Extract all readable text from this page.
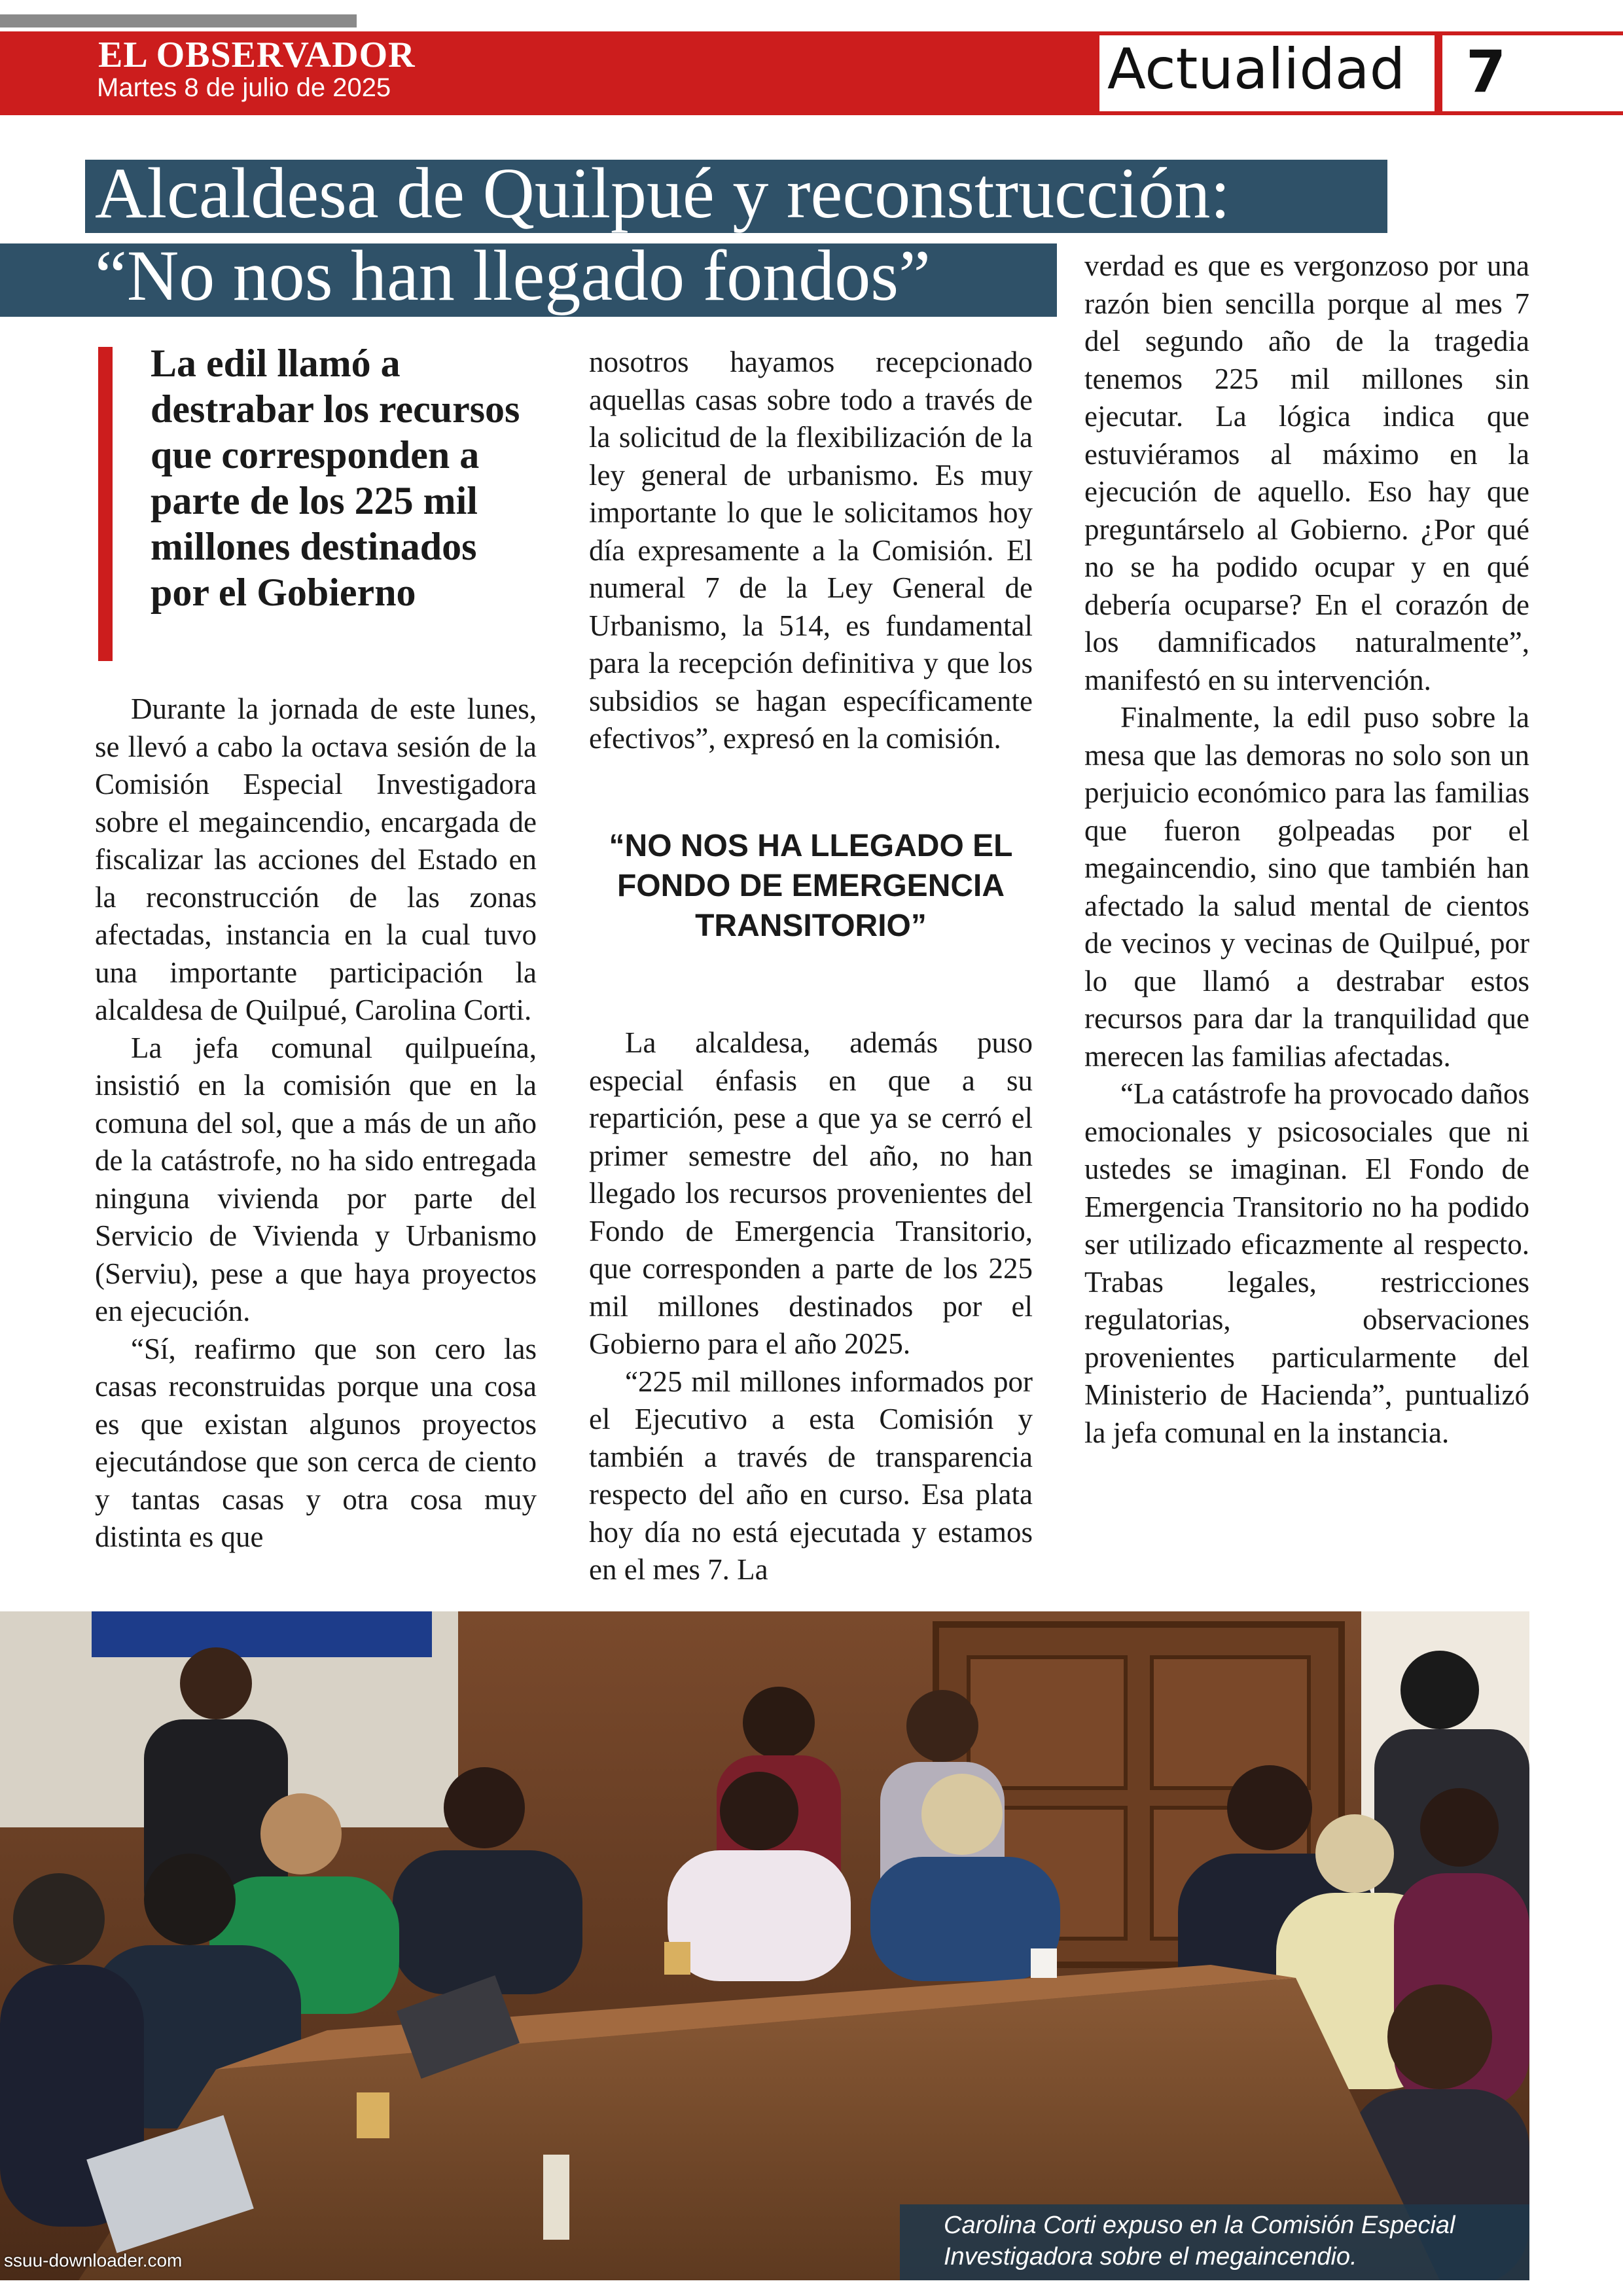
EL OBSERVADOR
Martes 8 de julio de 2025	Actualidad 7
Alcaldesa de Quilpué y reconstrucción:
“No nos han llegado fondos”
La edil llamó a destrabar los recursos que corresponden a parte de los 225 mil millones destinados por el Gobierno

Durante la jornada de este lunes, se llevó a cabo la octava sesión de la Comisión Especial Investigadora sobre el megaincendio, encargada de fiscalizar las acciones del Estado en la reconstrucción de las zonas afectadas, instancia en la cual tuvo una importante participación la alcaldesa de Quilpué, Carolina Corti.

La jefa comunal quilpueína, insistió en la comisión que en la comuna del sol, que a más de un año de la catástrofe, no ha sido entregada ninguna vivienda por parte del Servicio de Vivienda y Urbanismo (Serviu), pese a que haya proyectos en ejecución.

“Sí, reafirmo que son cero las casas reconstruidas porque una cosa es que existan algunos proyectos ejecutándose que son cerca de ciento y tantas casas y otra cosa muy distinta es que

nosotros hayamos recepcionado aquellas casas sobre todo a través de la solicitud de la flexibilización de la ley general de urbanismo. Es muy importante lo que le solicitamos hoy día expresamente a la Comisión. El numeral 7 de la Ley General de Urbanismo, la 514, es fundamental para la recepción definitiva y que los subsidios se hagan específicamente efectivos”, expresó en la comisión.

“NO NOS HA LLEGADO EL FONDO DE EMERGENCIA TRANSITORIO”

La alcaldesa, además puso especial énfasis en que a su repartición, pese a que ya se cerró el primer semestre del año, no han llegado los recursos provenientes del Fondo de Emergencia Transitorio, que corresponden a parte de los 225 mil millones destinados por el Gobierno para el año 2025.

“225 mil millones informados por el Ejecutivo a esta Comisión y también a través de transparencia respecto del año en curso. Esa plata hoy día no está ejecutada y estamos en el mes 7. La

verdad es que es vergonzoso por una razón bien sencilla porque al mes 7 del segundo año de la tragedia tenemos 225 mil millones sin ejecutar. La lógica indica que estuviéramos al máximo en la ejecución de aquello. Eso hay que preguntárselo al Gobierno. ¿Por qué no se ha podido ocupar y en qué debería ocuparse? En el corazón de los damnificados naturalmente”, manifestó en su intervención.

Finalmente, la edil puso sobre la mesa que las demoras no solo son un perjuicio económico para las familias que fueron golpeadas por el megaincendio, sino que también han afectado la salud mental de cientos de vecinos y vecinas de Quilpué, por lo que llamó a destrabar estos recursos para dar la tranquilidad que merecen las familias afectadas.

“La catástrofe ha provocado daños emocionales y psicosociales que ni ustedes se imaginan. El Fondo de Emergencia Transitorio no ha podido ser utilizado eficazmente al respecto. Trabas legales, restricciones regulatorias, observaciones provenientes particularmente del Ministerio de Hacienda”, puntualizó la jefa comunal en la instancia.

Carolina Corti expuso en la Comisión Especial Investigadora sobre el megaincendio.
ssuu-downloader.com
